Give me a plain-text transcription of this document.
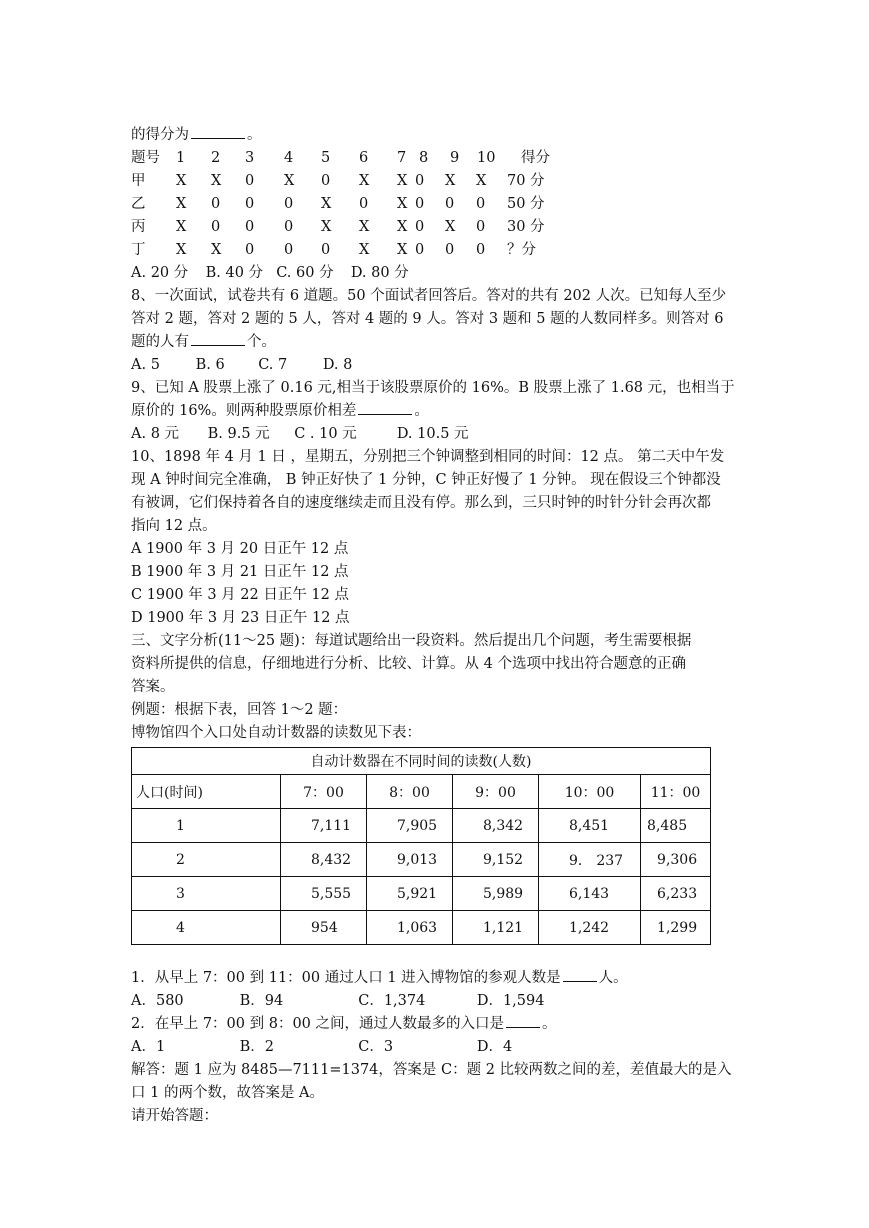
的得分为	。
题号 1 2 3 4 5 6 7 8 9 10 得分
甲 X X 0 X 0 X X 0 X X 70 分
乙 X 0 0 0 X 0 X 0 0 0 50 分
丙 X 0 0 0 X X X 0 X 0 30 分
丁 X X 0 0 0 X X 0 0 0 ？分
A. 20 分 B. 40 分 C. 60 分 D. 80 分
8、一次面试，试卷共有 6 道题。50 个面试者回答后。答对的共有 202 人次。已知每人至少
答对 2 题，答对 2 题的 5 人，答对 4 题的 9 人。答对 3 题和 5 题的人数同样多。则答对 6
题的人有	个。
A. 5 B. 6 C. 7 D. 8
9、已知 A 股票上涨了 0.16 元,相当于该股票原价的 16%。B 股票上涨了 1.68 元，也相当于
原价的 16%。则两种股票原价相差	。
A. 8 元 B. 9.5 元 C . 10 元	D. 10.5 元
10、1898 年 4 月 1 日 ，星期五，分别把三个钟调整到相同的时间：12 点。 第二天中午发
现 A 钟时间完全准确， B 钟正好快了 1 分钟，C 钟正好慢了 1 分钟。 现在假设三个钟都没
有被调，它们保持着各自的速度继续走而且没有停。那么到，三只时钟的时针分针会再次都
指向 12 点。
A 1900 年 3 月 20 日正午 12 点
B 1900 年 3 月 21 日正午 12 点
C 1900 年 3 月 22 日正午 12 点
D 1900 年 3 月 23 日正午 12 点
三、文字分析(11～25 题)：每道试题给出一段资料。然后提出几个问题，考生需要根据
资料所提供的信息，仔细地进行分析、比较、计算。从 4 个选项中找出符合题意的正确
答案。
例题：根据下表，回答 1～2 题：
博物馆四个入口处自动计数器的读数见下表：
自动计数器在不同时间的读数(人数)					
人口(时间)	7：00	8：00	9：00	10：00	11：00
1	7,111	7,905	8,342	8,451	8,485
2	8,432	9,013	9,152	9． 237	9,306
3	5,555	5,921	5,989	6,143	6,233
4	954	1,063	1,121	1,242	1,299
1．从早上 7：00 到 11：00 通过人口 1 进入博物馆的参观人数是	人。
A．580	B．94	C．1,374	D．1,594
2．在早上 7：00 到 8：00 之间，通过人数最多的入口是	。
A．1	B．2	C．3	D．4
解答：题 1 应为 8485—7111=1374，答案是 C：题 2 比较两数之间的差，差值最大的是入
口 1 的两个数，故答案是 A。
请开始答题：
